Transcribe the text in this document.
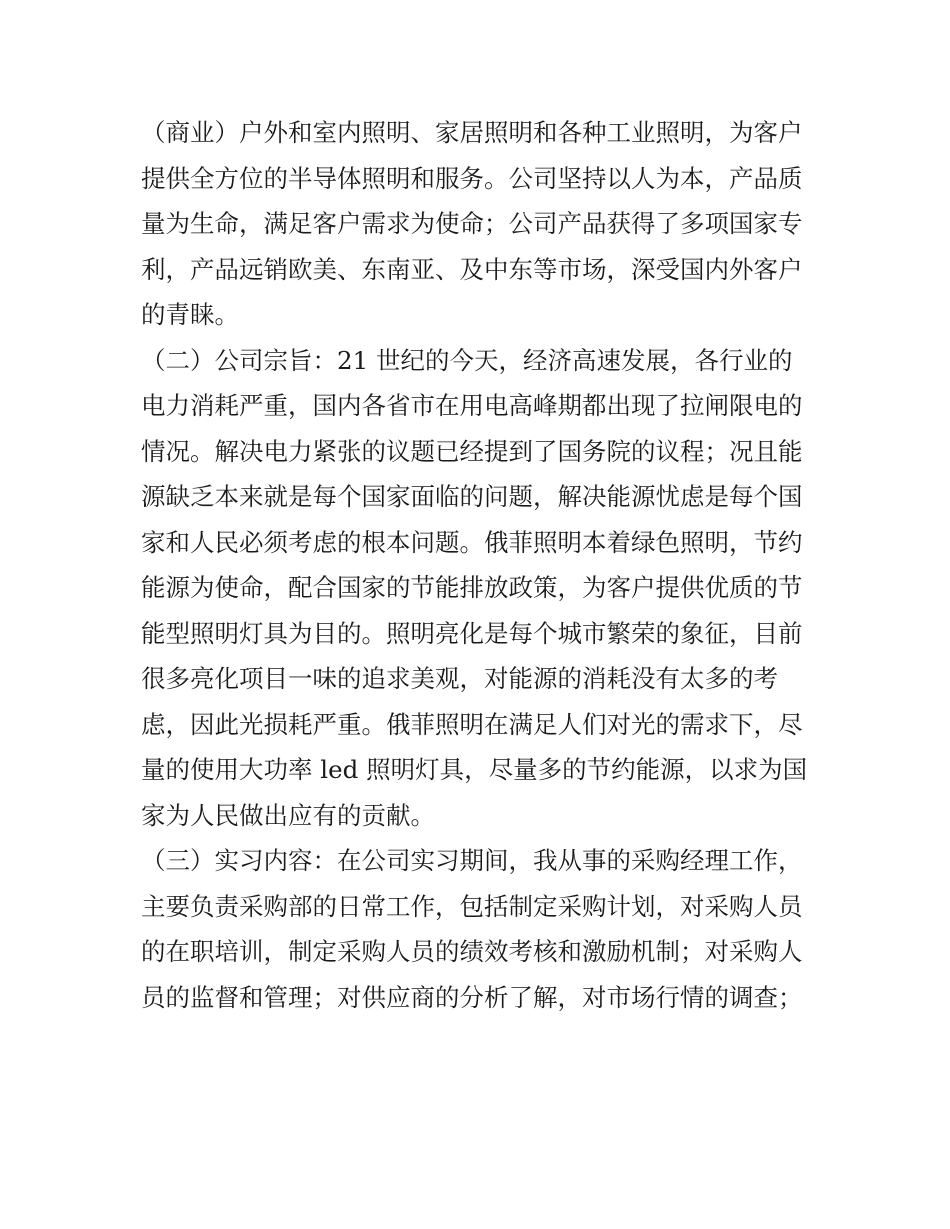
（商业）户外和室内照明、家居照明和各种工业照明，为客户
提供全方位的半导体照明和服务。公司坚持以人为本，产品质
量为生命，满足客户需求为使命；公司产品获得了多项国家专
利，产品远销欧美、东南亚、及中东等市场，深受国内外客户
的青睐。
（二）公司宗旨：21 世纪的今天，经济高速发展，各行业的
电力消耗严重，国内各省市在用电高峰期都出现了拉闸限电的
情况。解决电力紧张的议题已经提到了国务院的议程；况且能
源缺乏本来就是每个国家面临的问题，解决能源忧虑是每个国
家和人民必须考虑的根本问题。俄菲照明本着绿色照明，节约
能源为使命，配合国家的节能排放政策，为客户提供优质的节
能型照明灯具为目的。照明亮化是每个城市繁荣的象征，目前
很多亮化项目一味的追求美观，对能源的消耗没有太多的考
虑，因此光损耗严重。俄菲照明在满足人们对光的需求下，尽
量的使用大功率 led 照明灯具，尽量多的节约能源，以求为国
家为人民做出应有的贡献。
（三）实习内容：在公司实习期间，我从事的采购经理工作，
主要负责采购部的日常工作，包括制定采购计划，对采购人员
的在职培训，制定采购人员的绩效考核和激励机制；对采购人
员的监督和管理；对供应商的分析了解，对市场行情的调查；
